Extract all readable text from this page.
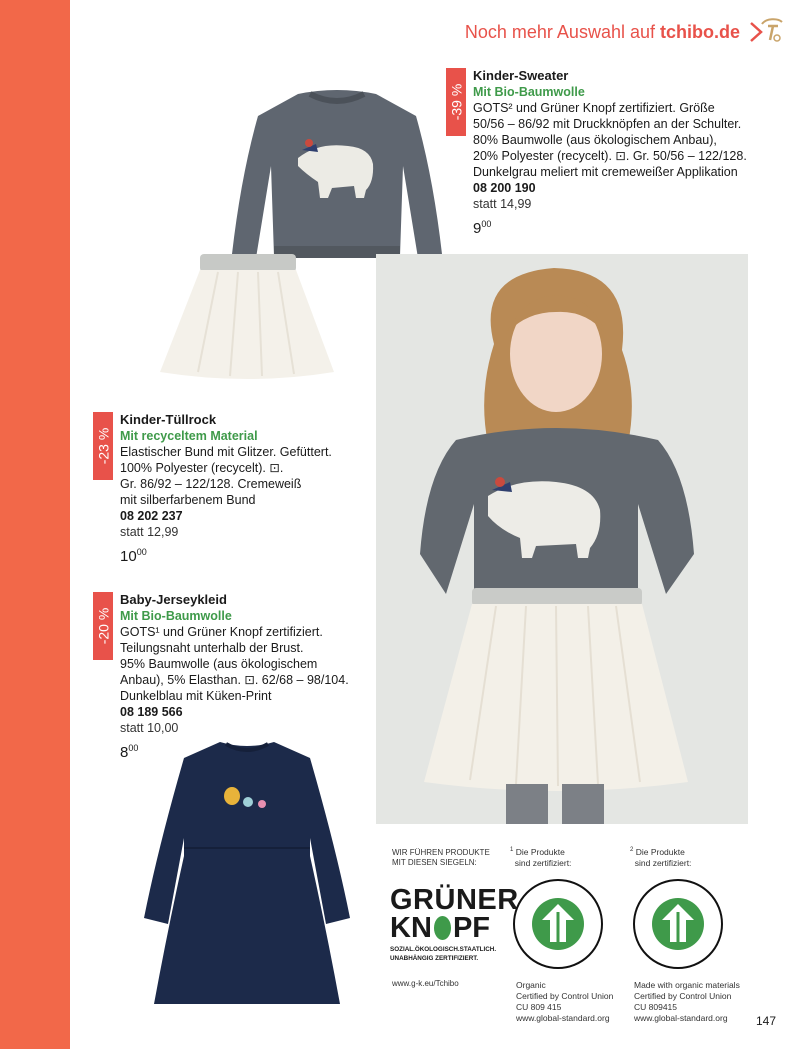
Noch mehr Auswahl auf tchibo.de
-39 %
Kinder-Sweater
Mit Bio-Baumwolle
GOTS² und Grüner Knopf zertifiziert. Größe
50/56 – 86/92 mit Druckknöpfen an der Schulter.
80% Baumwolle (aus ökologischem Anbau),
20% Polyester (recycelt). ⊡. Gr. 50/56 – 122/128.
Dunkelgrau meliert mit cremeweißer Applikation
08 200 190
statt 14,99
$9^{00}$
-23 %
Kinder-Tüllrock
Mit recyceltem Material
Elastischer Bund mit Glitzer. Gefüttert.
100% Polyester (recycelt). ⊡.
Gr. 86/92 – 122/128. Cremeweiß
mit silberfarbenem Bund
08 202 237
statt 12,99
$10^{00}$
-20 %
Baby-Jerseykleid
Mit Bio-Baumwolle
GOTS¹ und Grüner Knopf zertifiziert.
Teilungsnaht unterhalb der Brust.
95% Baumwolle (aus ökologischem
Anbau), 5% Elasthan. ⊡. 62/68 – 98/104.
Dunkelblau mit Küken-Print
08 189 566
statt 10,00
$8^{00}$
WIR FÜHREN PRODUKTE
MIT DIESEN SIEGELN:
GRÜNER
KN PF
SOZIAL.ÖKOLOGISCH.STAATLICH.
UNABHÄNGIG ZERTIFIZIERT.
www.g-k.eu/Tchibo
$^1$ Die Produkte
sind zertifiziert:
$^2$ Die Produkte
sind zertifiziert:
Organic
Certified by Control Union
CU 809 415
www.global-standard.org
Made with organic materials
Certified by Control Union
CU 809415
www.global-standard.org	147
